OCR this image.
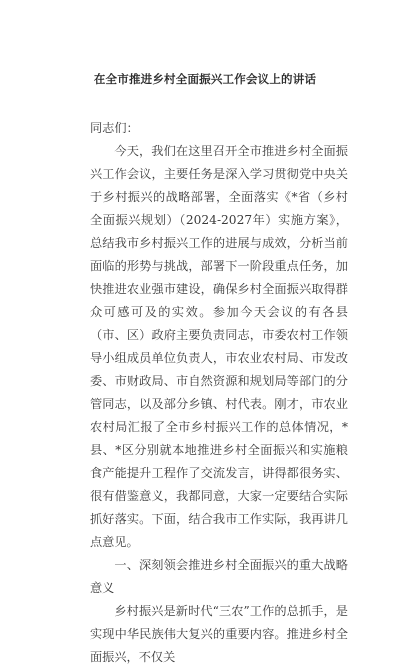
在全市推进乡村全面振兴工作会议上的讲话

同志们：

今天，我们在这里召开全市推进乡村全面振兴工作会议，主要任务是深入学习贯彻党中央关于乡村振兴的战略部署，全面落实《*省（乡村全面振兴规划）（2024-2027年）实施方案》，总结我市乡村振兴工作的进展与成效，分析当前面临的形势与挑战，部署下一阶段重点任务，加快推进农业强市建设，确保乡村全面振兴取得群众可感可及的实效。参加今天会议的有各县（市、区）政府主要负责同志，市委农村工作领导小组成员单位负责人，市农业农村局、市发改委、市财政局、市自然资源和规划局等部门的分管同志，以及部分乡镇、村代表。刚才，市农业农村局汇报了全市乡村振兴工作的总体情况，*县、*区分别就本地推进乡村全面振兴和实施粮食产能提升工程作了交流发言，讲得都很务实、很有借鉴意义，我都同意，大家一定要结合实际抓好落实。下面，结合我市工作实际，我再讲几点意见。

一、深刻领会推进乡村全面振兴的重大战略意义

乡村振兴是新时代“三农”工作的总抓手，是实现中华民族伟大复兴的重要内容。推进乡村全面振兴，不仅关
